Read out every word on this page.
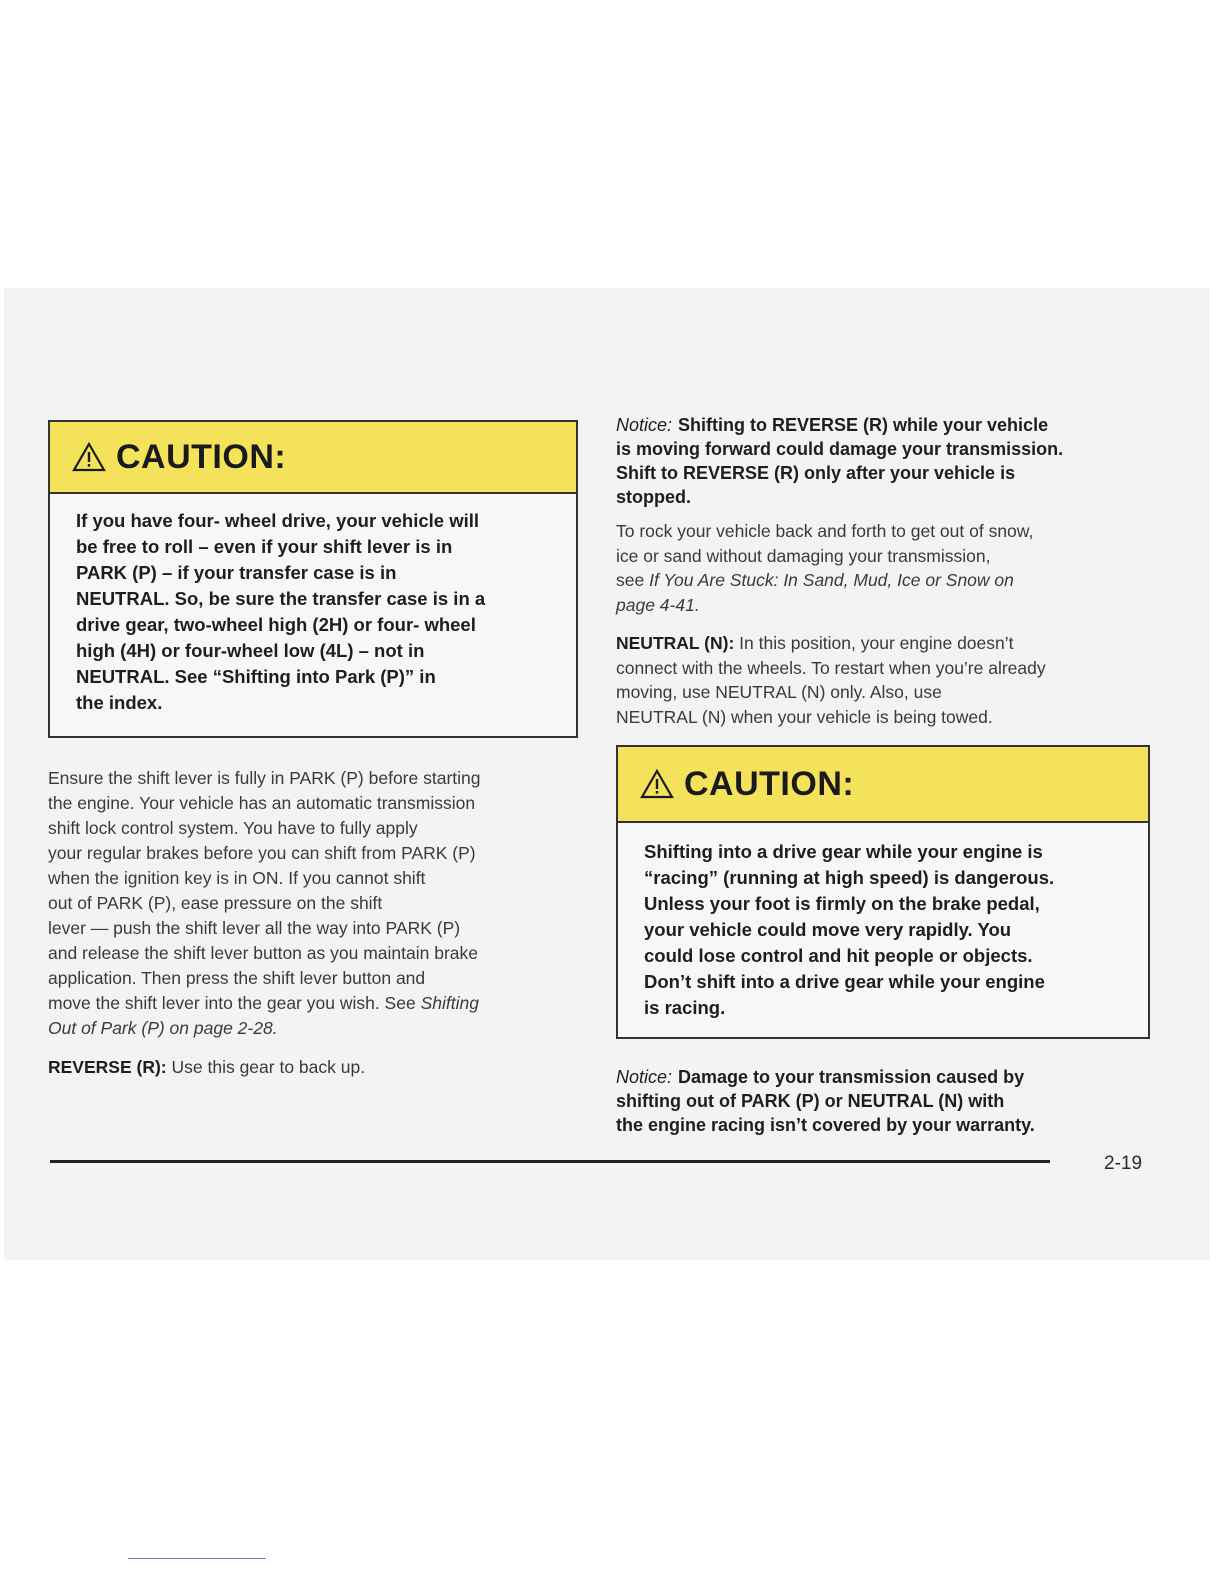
CAUTION:
If you have four- wheel drive, your vehicle will
be free to roll – even if your shift lever is in
PARK (P) – if your transfer case is in
NEUTRAL. So, be sure the transfer case is in a
drive gear, two-wheel high (2H) or four- wheel
high (4H) or four-wheel low (4L) – not in
NEUTRAL. See “Shifting into Park (P)” in
the index.
Ensure the shift lever is fully in PARK (P) before starting
the engine. Your vehicle has an automatic transmission
shift lock control system. You have to fully apply
your regular brakes before you can shift from PARK (P)
when the ignition key is in ON. If you cannot shift
out of PARK (P), ease pressure on the shift
lever — push the shift lever all the way into PARK (P)
and release the shift lever button as you maintain brake
application. Then press the shift lever button and
move the shift lever into the gear you wish. See Shifting
Out of Park (P) on page 2-28.

REVERSE (R): Use this gear to back up.

Notice: Shifting to REVERSE (R) while your vehicle
is moving forward could damage your transmission.
Shift to REVERSE (R) only after your vehicle is
stopped.
To rock your vehicle back and forth to get out of snow,
ice or sand without damaging your transmission,
see If You Are Stuck: In Sand, Mud, Ice or Snow on
page 4-41.
NEUTRAL (N): In this position, your engine doesn’t
connect with the wheels. To restart when you’re already
moving, use NEUTRAL (N) only. Also, use
NEUTRAL (N) when your vehicle is being towed.
CAUTION:
Shifting into a drive gear while your engine is
“racing” (running at high speed) is dangerous.
Unless your foot is firmly on the brake pedal,
your vehicle could move very rapidly. You
could lose control and hit people or objects.
Don’t shift into a drive gear while your engine
is racing.
Notice: Damage to your transmission caused by
shifting out of PARK (P) or NEUTRAL (N) with
the engine racing isn’t covered by your warranty.
2-19
